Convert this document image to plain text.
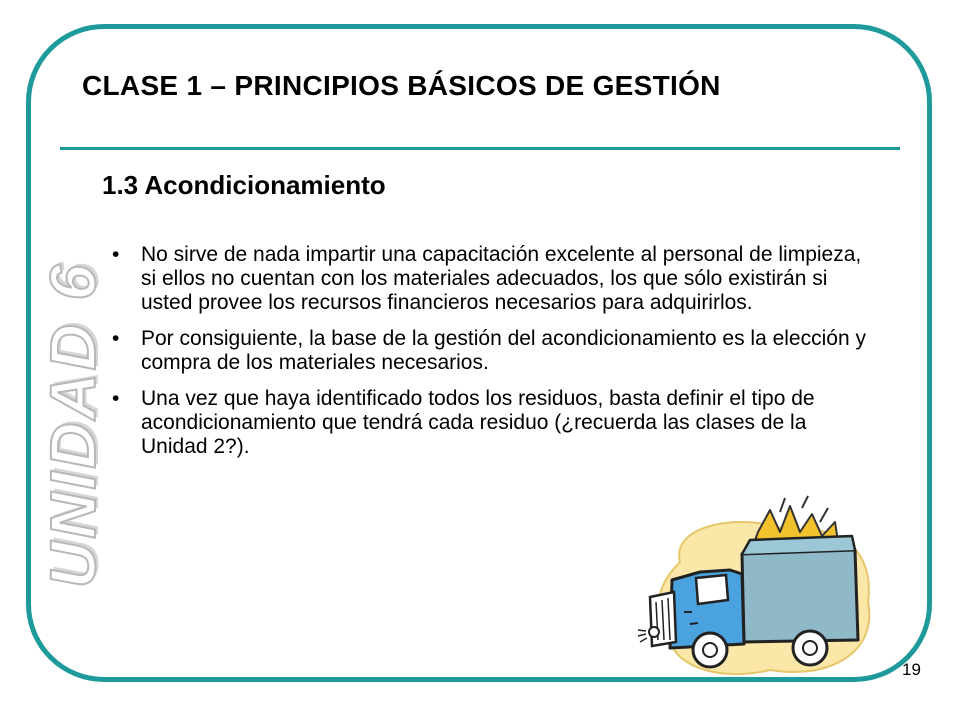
UNIDAD 6
CLASE 1 – PRINCIPIOS BÁSICOS DE GESTIÓN
1.3 Acondicionamiento
• No sirve de nada impartir una capacitación excelente al personal de limpieza, si ellos no cuentan con los materiales adecuados, los que sólo existirán si usted provee los recursos financieros necesarios para adquirirlos.
• Por consiguiente, la base de la gestión del acondicionamiento es la elección y compra de los materiales necesarios.
• Una vez que haya identificado todos los residuos, basta definir el tipo de acondicionamiento que tendrá cada residuo (¿recuerda las clases de la Unidad 2?).
19
